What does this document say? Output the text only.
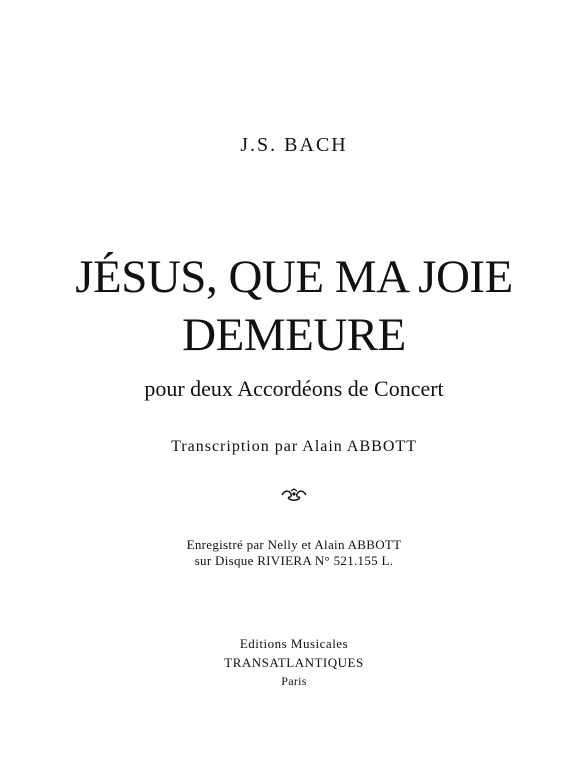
J.S. BACH
JÉSUS, QUE MA JOIE
DEMEURE
pour deux Accordéons de Concert
Transcription par Alain ABBOTT
Enregistré par Nelly et Alain ABBOTT
sur Disque RIVIERA N° 521.155 L.
Editions Musicales
TRANSATLANTIQUES
Paris
